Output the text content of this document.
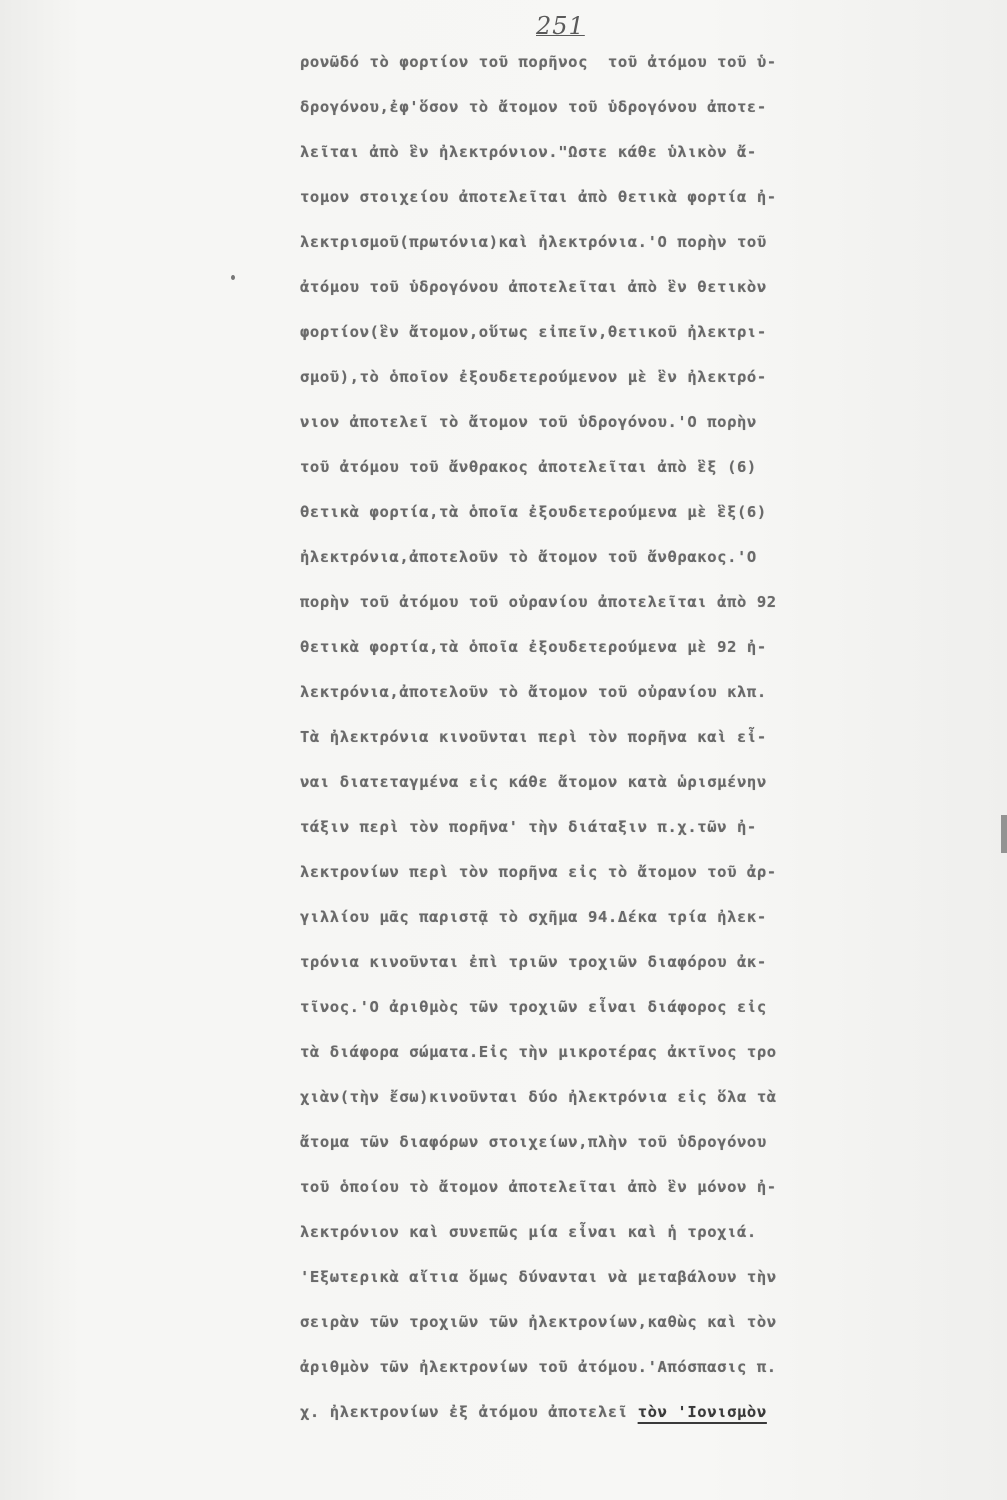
251
ρονῶδό τὸ φορτίον τοῦ πορῆνος  τοῦ ἀτόμου τοῦ ὑ-
δρογόνου,ἐφ'ὅσον τὸ ἄτομον τοῦ ὑδρογόνου ἀποτε-
λεῖται ἀπὸ ἓν ἠλεκτρόνιον."Ωστε κάθε ὑλικὸν ἄ-
τομον στοιχείου ἀποτελεῖται ἀπὸ θετικὰ φορτία ἠ-
λεκτρισμοῦ(πρωτόνια)καὶ ἠλεκτρόνια.'Ο πορὴν τοῦ
ἀτόμου τοῦ ὑδρογόνου ἀποτελεῖται ἀπὸ ἓν θετικὸν
φορτίον(ἓν ἄτομον,οὕτως εἰπεῖν,θετικοῦ ἠλεκτρι-
σμοῦ),τὸ ὁποῖον ἐξουδετερούμενον μὲ ἓν ἠλεκτρό-
νιον ἀποτελεῖ τὸ ἄτομον τοῦ ὑδρογόνου.'Ο πορὴν
τοῦ ἀτόμου τοῦ ἄνθρακος ἀποτελεῖται ἀπὸ ἓξ (6)
θετικὰ φορτία,τὰ ὁποῖα ἐξουδετερούμενα μὲ ἓξ(6)
ἠλεκτρόνια,ἀποτελοῦν τὸ ἄτομον τοῦ ἄνθρακος.'Ο
πορὴν τοῦ ἀτόμου τοῦ οὐρανίου ἀποτελεῖται ἀπὸ 92
θετικὰ φορτία,τὰ ὁποῖα ἐξουδετερούμενα μὲ 92 ἠ-
λεκτρόνια,ἀποτελοῦν τὸ ἄτομον τοῦ οὐρανίου κλπ.
Τὰ ἠλεκτρόνια κινοῦνται περὶ τὸν πορῆνα καὶ εἶ-
ναι διατεταγμένα εἰς κάθε ἄτομον κατὰ ὡρισμένην
τάξιν περὶ τὸν πορῆνα' τὴν διάταξιν π.χ.τῶν ἠ-
λεκτρονίων περὶ τὸν πορῆνα εἰς τὸ ἄτομον τοῦ ἀρ-
γιλλίου μᾶς παριστᾷ τὸ σχῆμα 94.Δέκα τρία ἠλεκ-
τρόνια κινοῦνται ἐπὶ τριῶν τροχιῶν διαφόρου ἀκ-
τῖνος.'Ο ἀριθμὸς τῶν τροχιῶν εἶναι διάφορος εἰς
τὰ διάφορα σώματα.Εἰς τὴν μικροτέρας ἀκτῖνος τρο
χιὰν(τὴν ἔσω)κινοῦνται δύο ἠλεκτρόνια εἰς ὅλα τὰ
ἄτομα τῶν διαφόρων στοιχείων,πλὴν τοῦ ὑδρογόνου
τοῦ ὁποίου τὸ ἄτομον ἀποτελεῖται ἀπὸ ἓν μόνον ἠ-
λεκτρόνιον καὶ συνεπῶς μία εἶναι καὶ ἡ τροχιά.
'Εξωτερικὰ αἴτια ὅμως δύνανται νὰ μεταβάλουν τὴν
σειρὰν τῶν τροχιῶν τῶν ἠλεκτρονίων,καθὼς καὶ τὸν
ἀριθμὸν τῶν ἠλεκτρονίων τοῦ ἀτόμου.'Απόσπασις π.
χ. ἠλεκτρονίων ἐξ ἀτόμου ἀποτελεῖ τὸν 'Ιονισμὸν
